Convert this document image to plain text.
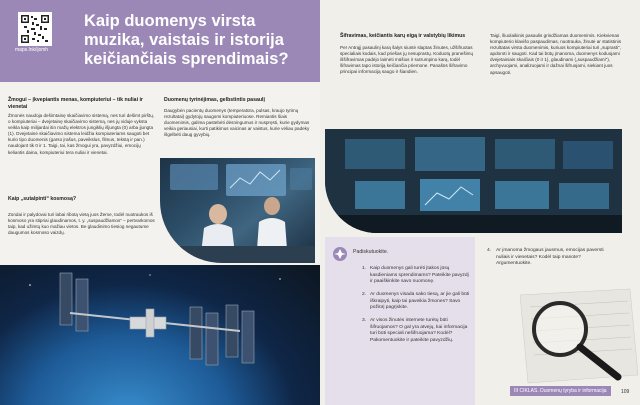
maps.lnk/ijsmh
Kaip duomenys virsta muzika, vaistais ir istorija keičiančiais sprendimais?
Žmogui – įkvepiantis menas, kompiuteriui – tik nuliai ir vienetai

Žmonės naudoja dešimtainę skaičiavimo sistemą, nes turi dešimt pirštų, o kompiuteriai – dvejetainę skaičiavimo sistemą, nes jų viduje vyksta veikla kaip milijardai itin mažų elektros jungiklių išjungta (0) arba įjungta (1). Dvejetainė skaičiavimo sistema leidžia kompiuteriams saugoti bet kurio tipo duomenis (garso įrašus, paveikslus, filmus, tekstą ir pan.) naudojant tik 0 ir 1. Taigi, tai, kas žmogui yra, pavyzdžiui, emocijų keliantis daina, kompiuteriui tera nuliai ir vienetai.

Kaip „sutalpinti“ kosmosą?

Zondai ir palydovai turi labai ribotą vietą juos Žeme, todėl nuotraukos iš kosmoso yra stipriai glaudinamos, t. y. „suspaudžiamos“ – pertvarkomos taip, kad užimtų kuo mažiau vietos. Be glaudinimo tiesiog negautume daugumos kosmoso vaizdų.

Duomenų tyrinėjimas, gelbstintis pasaulį

Daugybėn pacientų duomenys (temperatūra, pulsas, kraujo tyrimų rezultatai) gydytojų saugomi kompiuteriuose. Remiantis šiais duomenimis, galima pastebėti dėsningumus ir nuspręsti, kurie gydymas veikia geriausiai, kurti patikimus vaicinas ar vaistus, kurie vėliau padeky išgelbėti daug gyvybių.

Šifravimas, keičiantis karų eigą ir valstybių likimus

Per Antrąjį pasaulinį karą šalys siuntė slaptas žinutes, užšifruotas specialiais kodais, kad priešas jų nesuprastų. Koduotų pranešimų iššifravimas padėjo laimėti mūšius ir sutrumpino karą, todėl šifravimas tapo istoriją keičiančia priemone. Panašūs šifravimo principai informaciją saugo ir šiandien.

Taigi, šiuolaikinis pasaulis grindžiamas duomenimis. Kiekvienas kompiuterio klavišo paspaudimas, nuotrauka, žinutė ar statistinis rezultatas virsta duomenimis, kuriuos kompiuteriai turi „suprasti“, apdoroti ir saugoti. Kad tai būtų įmanoma, duomenys koduojami dvejetainiais skaičiais (0 ir 1), glaudinami („suspaudžiami“), archyvuojami, analizuojami ir dažnai šifruojami, siekiant juos apsaugoti.

Padiskutuokite.

1. Kaip duomenys gali turėti įtakos jūsų kasdieniams sprendimams? Pateikite pavyzdį ir paaiškinkite savo nuomonę.

2. Ar duomenys visada sako tiesą, ar jie gali būti iškraipyti, kaip tai paveikia žmones? Savo požiūrį pagrįskite.

3. Ar visos žinutės internete turėtų būti šifruojamos? O gal yra atvejų, kai informacija turi būti speciali nešifruojama? Kodėl? Pakomentuokite ir pateikite pavyzdžių.

4. Ar įmanoma žmogaus jausmus, emocijas paversti nuliais ir vienetais? Kodėl taip manote? Argumentuokite.

III CIKLAS. Duomenų tyryba ir informacija	109
